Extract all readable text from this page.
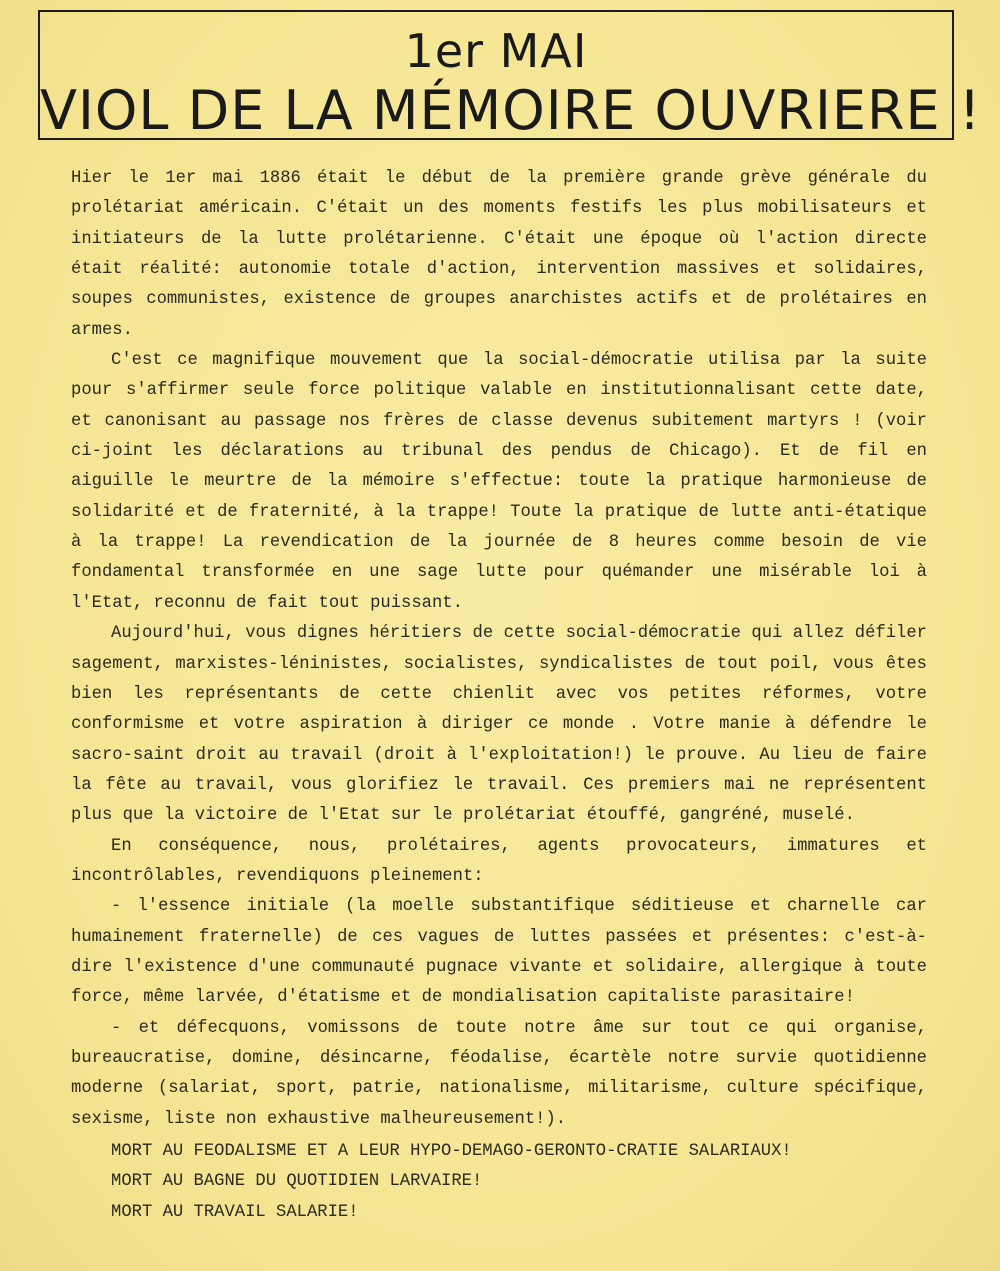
1er MAI
VIOL DE LA MÉMOIRE OUVRIERE !

Hier le 1er mai 1886 était le début de la première grande grève générale du prolétariat américain. C'était un des moments festifs les plus mobilisateurs et initiateurs de la lutte prolétarienne. C'était une époque où l'action directe était réalité: autonomie totale d'action, intervention massives et solidaires, soupes communistes, existence de groupes anarchistes actifs et de prolétaires en armes.

C'est ce magnifique mouvement que la social-démocratie utilisa par la suite pour s'affirmer seule force politique valable en institutionnalisant cette date, et canonisant au passage nos frères de classe devenus subitement martyrs ! (voir ci-joint les déclarations au tribunal des pendus de Chicago). Et de fil en aiguille le meurtre de la mémoire s'effectue: toute la pratique harmonieuse de solidarité et de fraternité, à la trappe! Toute la pratique de lutte anti-étatique à la trappe! La revendication de la journée de 8 heures comme besoin de vie fondamental transformée en une sage lutte pour quémander une misérable loi à l'Etat, reconnu de fait tout puissant.

Aujourd'hui, vous dignes héritiers de cette social-démocratie qui allez défiler sagement, marxistes-léninistes, socialistes, syndicalistes de tout poil, vous êtes bien les représentants de cette chienlit avec vos petites réformes, votre conformisme et votre aspiration à diriger ce monde . Votre manie à défendre le sacro-saint droit au travail (droit à l'exploitation!) le prouve. Au lieu de faire la fête au travail, vous glorifiez le travail. Ces premiers mai ne représentent plus que la victoire de l'Etat sur le prolétariat étouffé, gangréné, muselé.

En conséquence, nous, prolétaires, agents provocateurs, immatures et incontrôlables, revendiquons pleinement:

- l'essence initiale (la moelle substantifique séditieuse et charnelle car humainement fraternelle) de ces vagues de luttes passées et présentes: c'est-à-dire l'existence d'une communauté pugnace vivante et solidaire, allergique à toute force, même larvée, d'étatisme et de mondialisation capitaliste parasitaire!

- et défecquons, vomissons de toute notre âme sur tout ce qui organise, bureaucratise, domine, désincarne, féodalise, écartèle notre survie quotidienne moderne (salariat, sport, patrie, nationalisme, militarisme, culture spécifique, sexisme, liste non exhaustive malheureusement!).

MORT AU FEODALISME ET A LEUR HYPO-DEMAGO-GERONTO-CRATIE SALARIAUX!
MORT AU BAGNE DU QUOTIDIEN LARVAIRE!
MORT AU TRAVAIL SALARIE!
